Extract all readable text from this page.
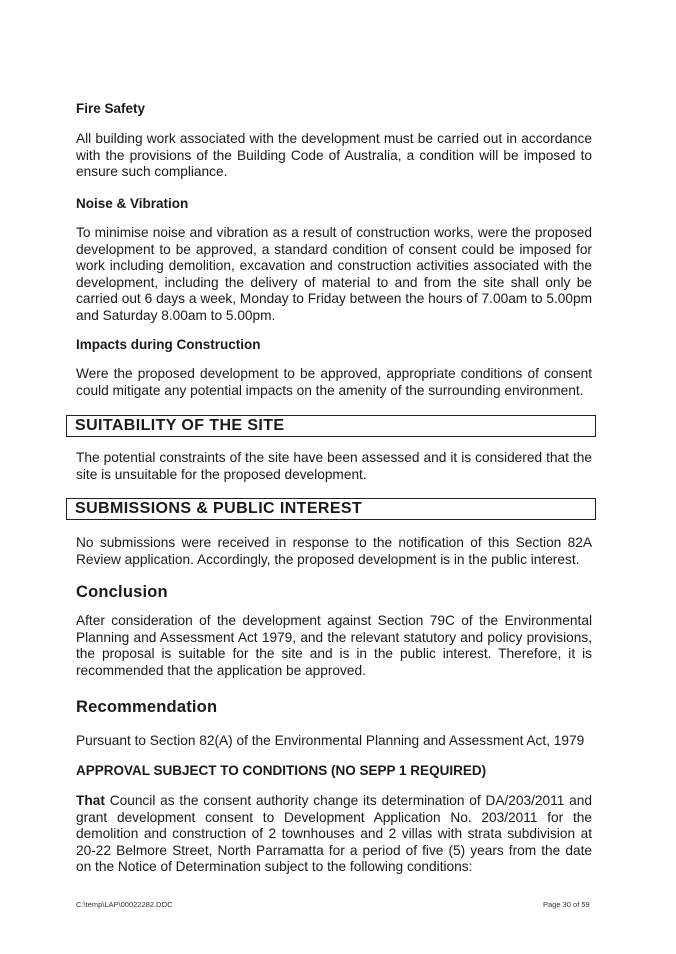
Fire Safety
All building work associated with the development must be carried out in accordance with the provisions of the Building Code of Australia, a condition will be imposed to ensure such compliance.
Noise & Vibration
To minimise noise and vibration as a result of construction works, were the proposed development to be approved, a standard condition of consent could be imposed for work including demolition, excavation and construction activities associated with the development, including the delivery of material to and from the site shall only be carried out 6 days a week, Monday to Friday between the hours of 7.00am to 5.00pm and Saturday 8.00am to 5.00pm.
Impacts during Construction
Were the proposed development to be approved, appropriate conditions of consent could mitigate any potential impacts on the amenity of the surrounding environment.
SUITABILITY OF THE SITE
The potential constraints of the site have been assessed and it is considered that the site is unsuitable for the proposed development.
SUBMISSIONS & PUBLIC INTEREST
No submissions were received in response to the notification of this Section 82A Review application. Accordingly, the proposed development is in the public interest.
Conclusion
After consideration of the development against Section 79C of the Environmental Planning and Assessment Act 1979, and the relevant statutory and policy provisions, the proposal is suitable for the site and is in the public interest. Therefore, it is recommended that the application be approved.
Recommendation
Pursuant to Section 82(A) of the Environmental Planning and Assessment Act, 1979
APPROVAL SUBJECT TO CONDITIONS (NO SEPP 1 REQUIRED)
That Council as the consent authority change its determination of DA/203/2011 and grant development consent to Development Application No. 203/2011 for the demolition and construction of 2 townhouses and 2 villas with strata subdivision at 20-22 Belmore Street, North Parramatta for a period of five (5) years from the date on the Notice of Determination subject to the following conditions:
C:\temp\LAP\00022282.DOC	Page 30 of 59
